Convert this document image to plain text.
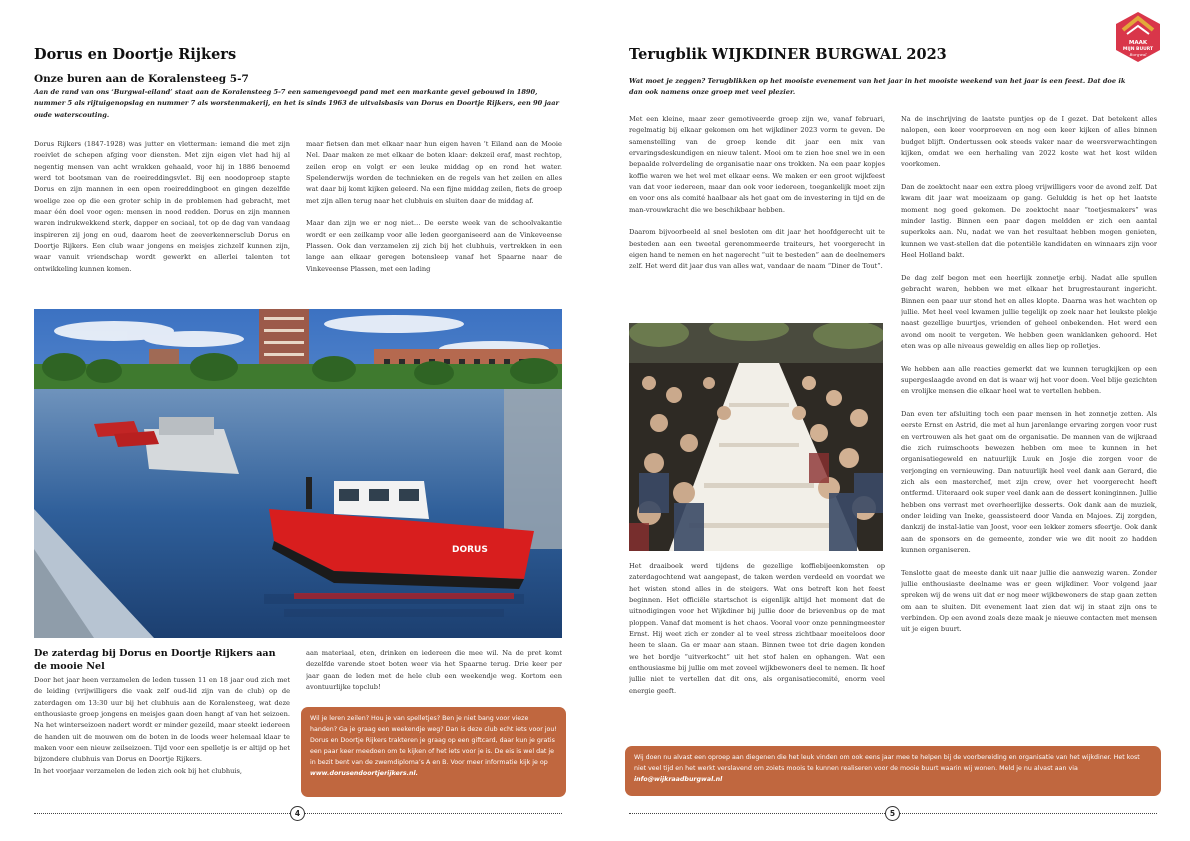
Dorus en Doortje Rijkers
Onze buren aan de Koralensteeg 5-7
Aan de rand van ons ‘Burgwal-eiland’ staat aan de Koralensteeg 5-7 een samengevoegd pand met een markante gevel gebouwd in 1890, nummer 5 als rijtuigenopslag en nummer 7 als worstenmakerij, en het is sinds 1963 de uitvalsbasis van Dorus en Doortje Rijkers, een 90 jaar oude waterscouting.

Dorus Rijkers (1847-1928) was jutter en vletterman: iemand die met zijn roeivlet de schepen afging voor diensten. Met zijn eigen vlet had hij al negentig mensen van acht wrakken gehaald, voor hij in 1886 benoemd werd tot bootsman van de roeireddingsvlet. Bij een noodoproep stapte Dorus en zijn mannen in een open roeireddingboot en gingen dezelfde woelige zee op die een groter schip in de problemen had gebracht, met maar één doel voor ogen: mensen in nood redden. Dorus en zijn mannen waren indrukwekkend sterk, dapper en sociaal, tot op de dag van vandaag inspireren zij jong en oud, daarom heet de zeeverkennersclub Dorus en Doortje Rijkers. Een club waar jongens en meisjes zichzelf kunnen zijn, waar vanuit vriendschap wordt gewerkt en allerlei talenten tot ontwikkeling kunnen komen.

maar fietsen dan met elkaar naar hun eigen haven ’t Eiland aan de Mooie Nel. Daar maken ze met elkaar de boten klaar: dekzeil eraf, mast rechtop, zeilen erop en volgt er een leuke middag op en rond het water. Spelenderwijs worden de technieken en de regels van het zeilen en alles wat daar bij komt kijken geleerd. Na een fijne middag zeilen, fiets de groep met zijn allen terug naar het clubhuis en sluiten daar de middag af.

Maar dan zijn we er nog niet… De eerste week van de schoolvakantie wordt er een zeilkamp voor alle leden georganiseerd aan de Vinkeveense Plassen. Ook dan verzamelen zij zich bij het clubhuis, vertrekken in een lange aan elkaar geregen botensleep vanaf het Spaarne naar de Vinkeveense Plassen, met een lading

DORUS
De zaterdag bij Dorus en Doortje Rijkers aan de mooie Nel

Door het jaar heen verzamelen de leden tussen 11 en 18 jaar oud zich met de leiding (vrijwilligers die vaak zelf oud-lid zijn van de club) op de zaterdagen om 13:30 uur bij het clubhuis aan de Koralensteeg, wat deze enthousiaste groep jongens en meisjes gaan doen hangt af van het seizoen. Na het winterseizoen nadert wordt er minder gezeild, maar steekt iedereen de handen uit de mouwen om de boten in de loods weer helemaal klaar te maken voor een nieuw zeilseizoen. Tijd voor een spelletje is er altijd op het bijzondere clubhuis van Dorus en Doortje Rijkers.

In het voorjaar verzamelen de leden zich ook bij het clubhuis,

aan materiaal, eten, drinken en iedereen die mee wil. Na de pret komt dezelfde varende stoet boten weer via het Spaarne terug. Drie keer per jaar gaan de leden met de hele club een weekendje weg. Kortom een avontuurlijke topclub!

Wil je leren zeilen? Hou je van spelletjes? Ben je niet bang voor vieze handen? Ga je graag een weekendje weg? Dan is deze club echt iets voor jou! Dorus en Doortje Rijkers trakteren je graag op een giftcard, daar kun je gratis een paar keer meedoen om te kijken of het iets voor je is. De eis is wel dat je in bezit bent van de zwemdiploma’s A en B. Voor meer informatie kijk je op www.dorusendoortjerijkers.nl.
4
Terugblik WIJKDINER BURGWAL 2023
MAAK
MIJN BUURT
Burgwal
Wat moet je zeggen? Terugblikken op het mooiste evenement van het jaar in het mooiste weekend van het jaar is een feest. Dat doe ik dan ook namens onze groep met veel plezier.

Met een kleine, maar zeer gemotiveerde groep zijn we, vanaf februari, regelmatig bij elkaar gekomen om het wijkdiner 2023 vorm te geven. De samenstelling van de groep kende dit jaar een mix van ervaringsdeskundigen en nieuw talent. Mooi om te zien hoe snel we in een bepaalde rolverdeling de organisatie naar ons trokken. Na een paar kopjes koffie waren we het wel met elkaar eens. We maken er een groot wijkfeest van dat voor iedereen, maar dan ook voor iedereen, toegankelijk moet zijn en voor ons als comité haalbaar als het gaat om de investering in tijd en de man-vrouwkracht die we beschikbaar hebben.

Daarom bijvoorbeeld al snel besloten om dit jaar het hoofdgerecht uit te besteden aan een tweetal gerenommeerde traiteurs, het voorgerecht in eigen hand te nemen en het nagerecht “uit te besteden” aan de deelnemers zelf. Het werd dit jaar dus van alles wat, vandaar de naam “Diner de Tout”.

Het draaiboek werd tijdens de gezellige koffiebijeenkomsten op zaterdagochtend wat aangepast, de taken werden verdeeld en voordat we het wisten stond alles in de steigers. Wat ons betreft kon het feest beginnen. Het officiële startschot is eigenlijk altijd het moment dat de uitnodigingen voor het Wijkdiner bij jullie door de brievenbus op de mat ploppen. Vanaf dat moment is het chaos. Vooral voor onze penningmeester Ernst. Hij weet zich er zonder al te veel stress zichtbaar moeiteloos door heen te slaan. Ga er maar aan staan. Binnen twee tot drie dagen konden we het bordje “uitverkocht” uit het stof halen en ophangen. Wat een enthousiasme bij jullie om met zoveel wijkbewoners deel te nemen. Ik hoef jullie niet te vertellen dat dit ons, als organisatiecomité, enorm veel energie geeft.

Na de inschrijving de laatste puntjes op de I gezet. Dat betekent alles nalopen, een keer voorproeven en nog een keer kijken of alles binnen budget blijft. Ondertussen ook steeds vaker naar de weersverwachtingen kijken, omdat we een herhaling van 2022 koste wat het kost wilden voorkomen.

Dan de zoektocht naar een extra ploeg vrijwilligers voor de avond zelf. Dat kwam dit jaar wat moeizaam op gang. Gelukkig is het op het laatste moment nog goed gekomen. De zoektocht naar “toetjesmakers” was minder lastig. Binnen een paar dagen meldden er zich een aantal superkoks aan. Nu, nadat we van het resultaat hebben mogen genieten, kunnen we vast-stellen dat die potentiële kandidaten en winnaars zijn voor Heel Holland bakt.

De dag zelf begon met een heerlijk zonnetje erbij. Nadat alle spullen gebracht waren, hebben we met elkaar het brugrestaurant ingericht. Binnen een paar uur stond het en alles klopte. Daarna was het wachten op jullie. Met heel veel kwamen jullie tegelijk op zoek naar het leukste plekje naast gezellige buurtjes, vrienden of geheel onbekenden. Het werd een avond om nooit te vergeten. We hebben geen wanklanken gehoord. Het eten was op alle niveaus geweldig en alles liep op rolletjes.

We hebben aan alle reacties gemerkt dat we kunnen terugkijken op een supergeslaagde avond en dat is waar wij het voor doen. Veel blije gezichten en vrolijke mensen die elkaar heel wat te vertellen hebben.

Dan even ter afsluiting toch een paar mensen in het zonnetje zetten. Als eerste Ernst en Astrid, die met al hun jarenlange ervaring zorgen voor rust en vertrouwen als het gaat om de organisatie. De mannen van de wijkraad die zich ruimschoots bewezen hebben om mee te kunnen in het organisatiegeweld en natuurlijk Luuk en Josje die zorgen voor de verjonging en vernieuwing. Dan natuurlijk heel veel dank aan Gerard, die zich als een masterchef, met zijn crew, over het voorgerecht heeft ontfermd. Uiteraard ook super veel dank aan de dessert koninginnen. Jullie hebben ons verrast met overheerlijke desserts. Ook dank aan de muziek, onder leiding van Ineke, geassisteerd door Vanda en Majoes. Zij zorgden, dankzij de instal-latie van Joost, voor een lekker zomers sfeertje. Ook dank aan de sponsors en de gemeente, zonder wie we dit nooit zo hadden kunnen organiseren.

Tenslotte gaat de meeste dank uit naar jullie die aanwezig waren. Zonder jullie enthousiaste deelname was er geen wijkdiner. Voor volgend jaar spreken wij de wens uit dat er nog meer wijkbewoners de stap gaan zetten om aan te sluiten. Dit evenement laat zien dat wij in staat zijn ons te verbinden. Op een avond zoals deze maak je nieuwe contacten met mensen uit je eigen buurt.

Wij doen nu alvast een oproep aan diegenen die het leuk vinden om ook eens jaar mee te helpen bij de voorbereiding en organisatie van het wijkdiner. Het kost niet veel tijd en het werkt verslavend om zoiets moois te kunnen realiseren voor de mooie buurt waarin wij wonen. Meld je nu alvast aan via info@wijkraadburgwal.nl
5
